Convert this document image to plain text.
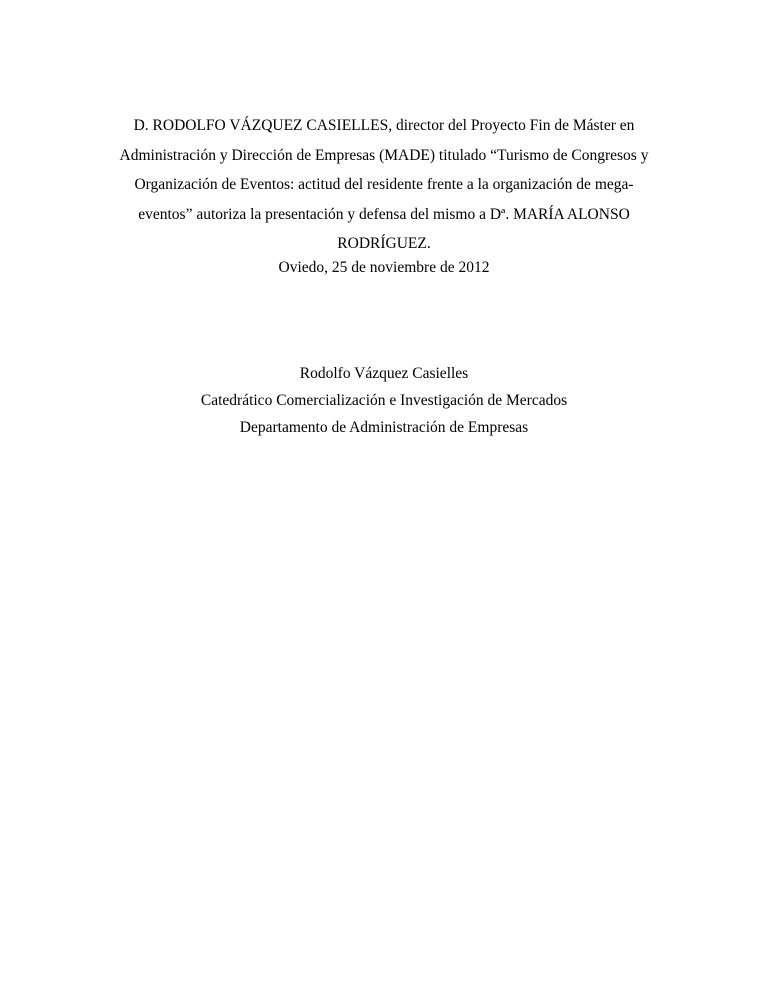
D. RODOLFO VÁZQUEZ CASIELLES, director del Proyecto Fin de Máster en

Administración y Dirección de Empresas (MADE) titulado “Turismo de Congresos y

Organización de Eventos: actitud del residente frente a la organización de mega-

eventos” autoriza la presentación y defensa del mismo a Dª. MARÍA ALONSO

RODRÍGUEZ.

Oviedo, 25 de noviembre de 2012

Rodolfo Vázquez Casielles

Catedrático Comercialización e Investigación de Mercados

Departamento de Administración de Empresas
